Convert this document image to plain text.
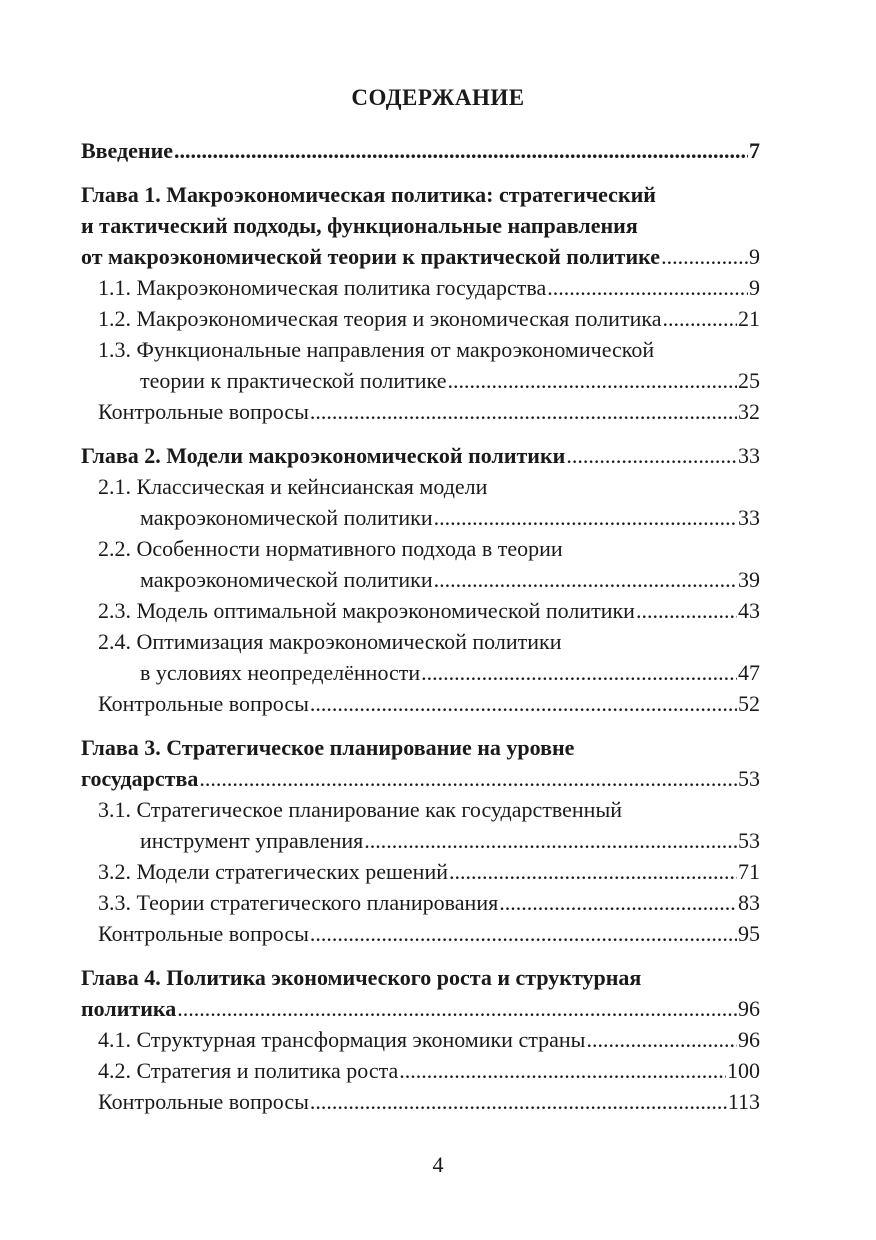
СОДЕРЖАНИЕ
Введение .....	7
Глава 1. Макроэкономическая политика: стратегический
и тактический подходы, функциональные направления
от макроэкономической теории к практической политике .....	9
1.1. Макроэкономическая политика государства .....	9
1.2. Макроэкономическая теория и экономическая политика .....	21
1.3. Функциональные направления от макроэкономической
теории к практической политике .....	25
Контрольные вопросы .....	32
Глава 2. Модели макроэкономической политики .....	33
2.1. Классическая и кейнсианская модели
макроэкономической политики .....	33
2.2. Особенности нормативного подхода в теории
макроэкономической политики .....	39
2.3. Модель оптимальной макроэкономической политики .....	43
2.4. Оптимизация макроэкономической политики
в условиях неопределённости .....	47
Контрольные вопросы .....	52
Глава 3. Стратегическое планирование на уровне
государства .....	53
3.1. Стратегическое планирование как государственный
инструмент управления .....	53
3.2. Модели стратегических решений .....	71
3.3. Теории стратегического планирования .....	83
Контрольные вопросы .....	95
Глава 4. Политика экономического роста и структурная
политика .....	96
4.1. Структурная трансформация экономики страны .....	96
4.2. Стратегия и политика роста .....	100
Контрольные вопросы .....	113
4
